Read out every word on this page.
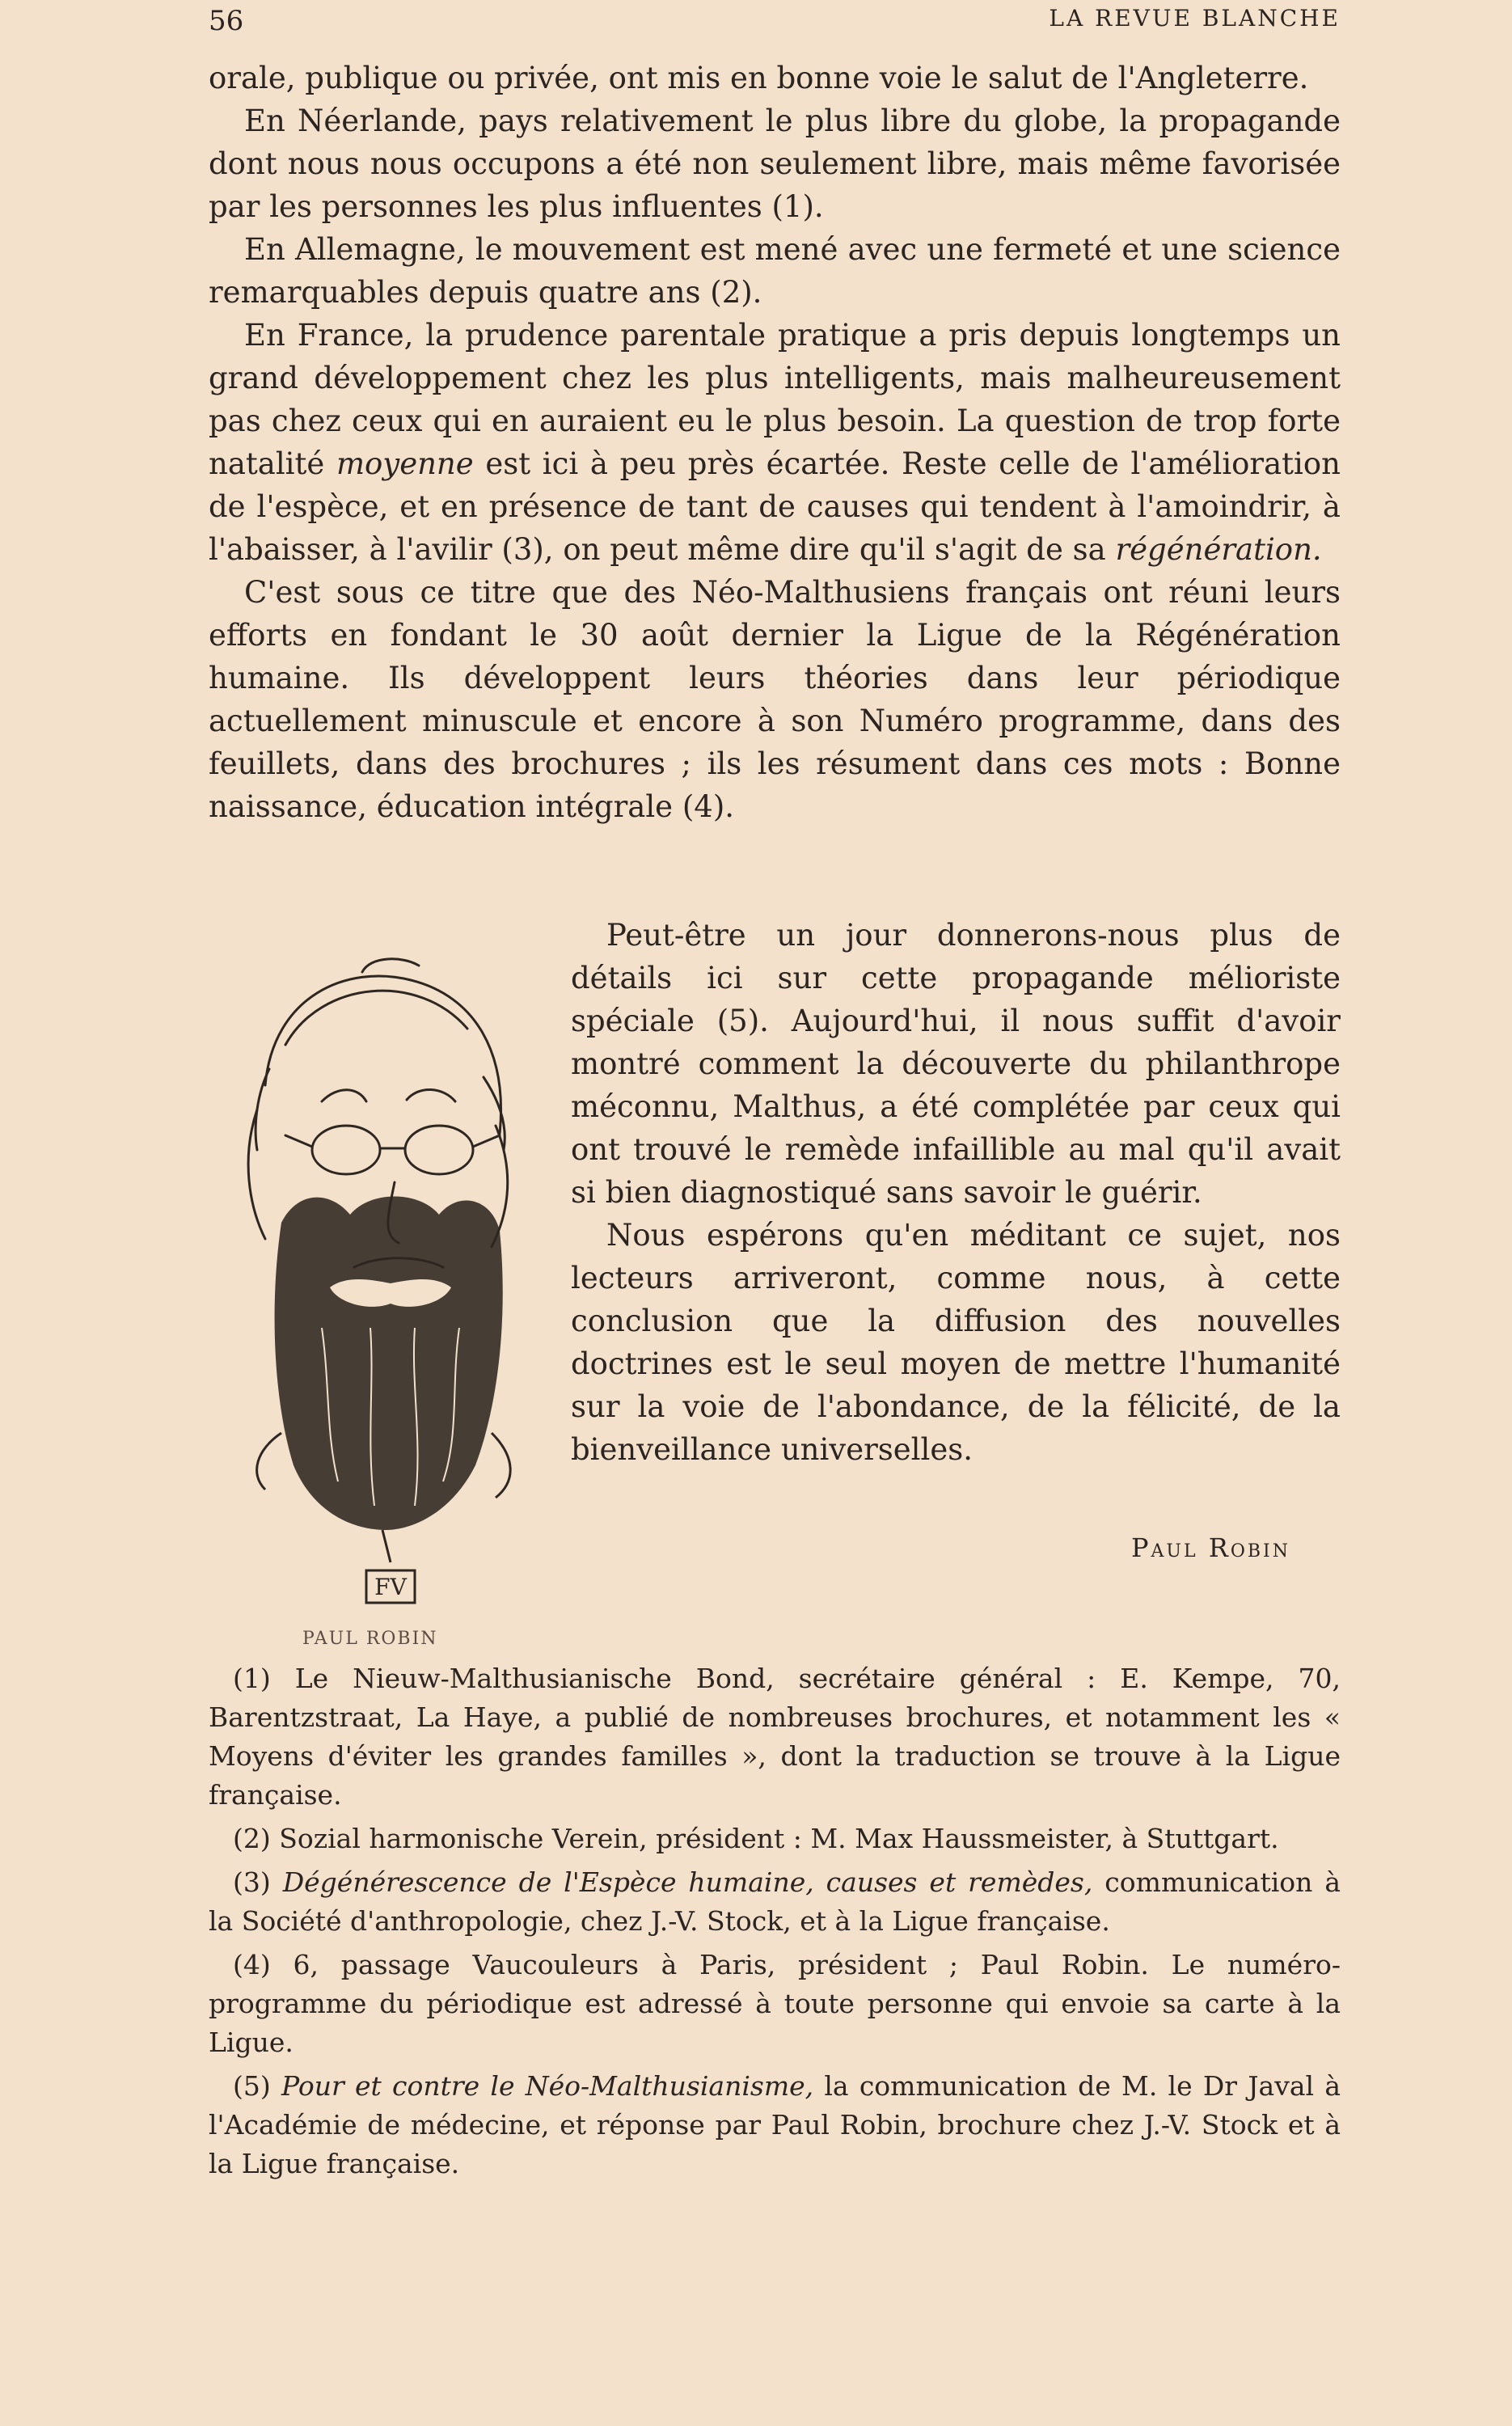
56	LA REVUE BLANCHE

orale, publique ou privée, ont mis en bonne voie le salut de l'Angleterre.

En Néerlande, pays relativement le plus libre du globe, la propagande dont nous nous occupons a été non seulement libre, mais même favorisée par les personnes les plus influentes (1).

En Allemagne, le mouvement est mené avec une fermeté et une science remarquables depuis quatre ans (2).

En France, la prudence parentale pratique a pris depuis longtemps un grand développement chez les plus intelligents, mais malheureusement pas chez ceux qui en auraient eu le plus besoin. La question de trop forte natalité moyenne est ici à peu près écartée. Reste celle de l'amélioration de l'espèce, et en présence de tant de causes qui tendent à l'amoindrir, à l'abaisser, à l'avilir (3), on peut même dire qu'il s'agit de sa régénération.

C'est sous ce titre que des Néo-Malthusiens français ont réuni leurs efforts en fondant le 30 août dernier la Ligue de la Régénération humaine. Ils développent leurs théories dans leur périodique actuellement minuscule et encore à son Numéro programme, dans des feuillets, dans des brochures ; ils les résument dans ces mots : Bonne naissance, éducation intégrale (4).

FV
PAUL ROBIN

Peut-être un jour donnerons-nous plus de détails ici sur cette propagande mélioriste spéciale (5). Aujourd'hui, il nous suffit d'avoir montré comment la découverte du philanthrope méconnu, Malthus, a été complétée par ceux qui ont trouvé le remède infaillible au mal qu'il avait si bien diagnostiqué sans savoir le guérir.

Nous espérons qu'en méditant ce sujet, nos lecteurs arriveront, comme nous, à cette conclusion que la diffusion des nouvelles doctrines est le seul moyen de mettre l'humanité sur la voie de l'abondance, de la félicité, de la bienveillance universelles.

Paul Robin

(1) Le Nieuw-Malthusianische Bond, secrétaire général : E. Kempe, 70, Barentzstraat, La Haye, a publié de nombreuses brochures, et notamment les « Moyens d'éviter les grandes familles », dont la traduction se trouve à la Ligue française.

(2) Sozial harmonische Verein, président : M. Max Haussmeister, à Stuttgart.

(3) Dégénérescence de l'Espèce humaine, causes et remèdes, communication à la Société d'anthropologie, chez J.-V. Stock, et à la Ligue française.

(4) 6, passage Vaucouleurs à Paris, président ; Paul Robin. Le numéro-programme du périodique est adressé à toute personne qui envoie sa carte à la Ligue.

(5) Pour et contre le Néo-Malthusianisme, la communication de M. le Dr Javal à l'Académie de médecine, et réponse par Paul Robin, brochure chez J.-V. Stock et à la Ligue française.
